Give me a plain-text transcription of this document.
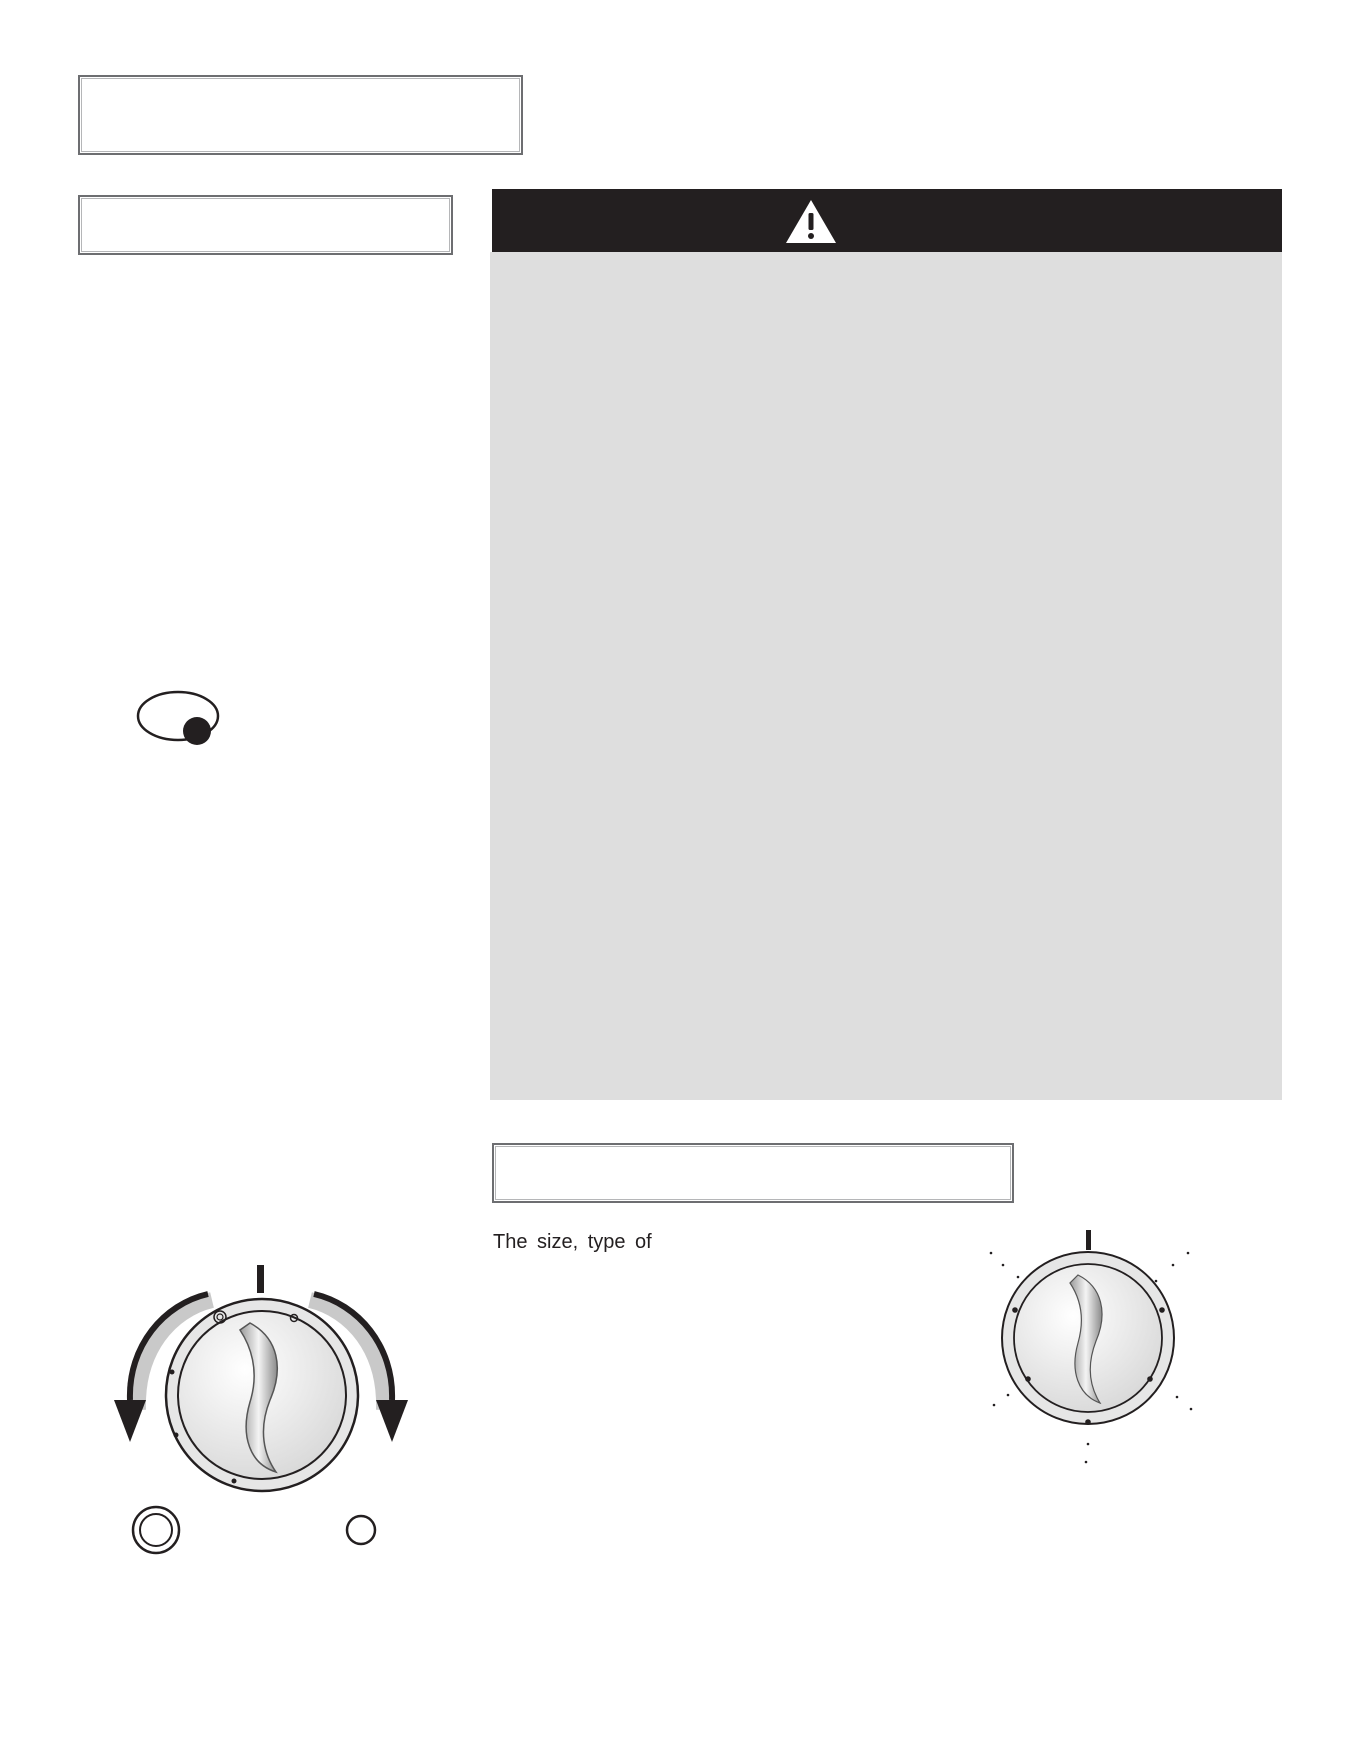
The size, type of
